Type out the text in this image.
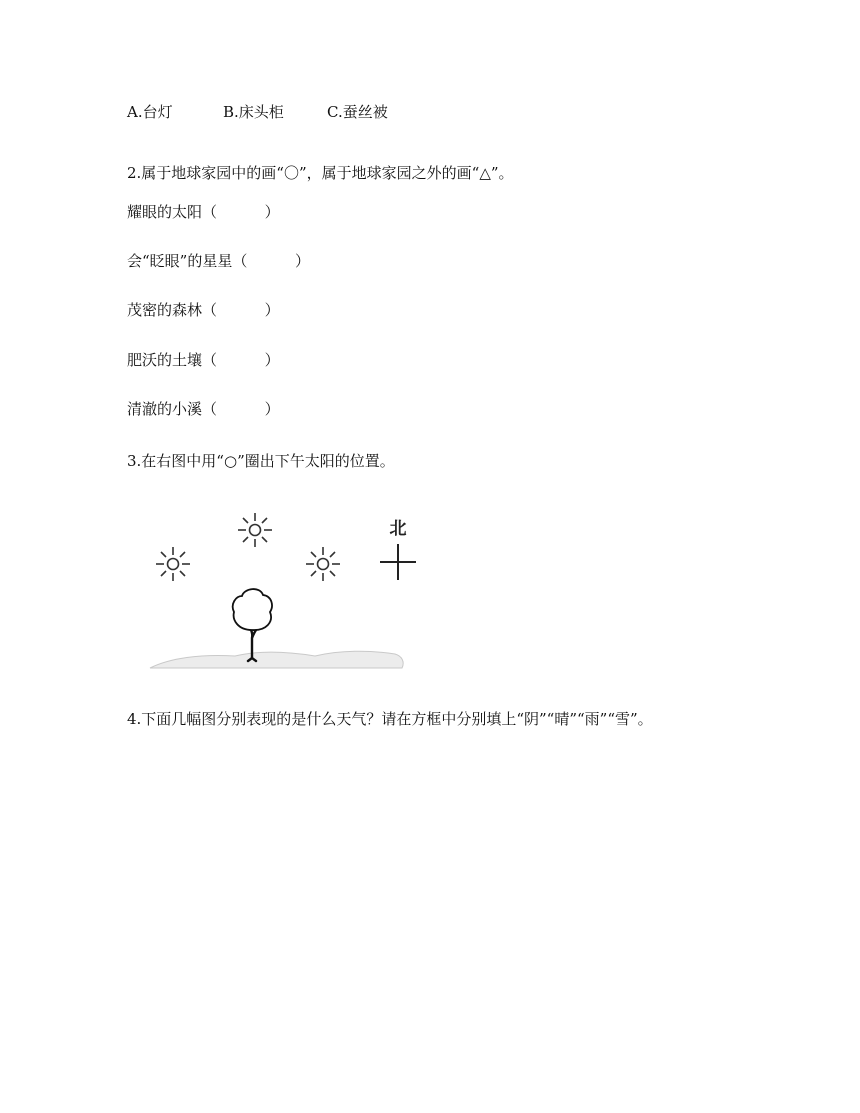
A.台灯	B.床头柜	C.蚕丝被
2.属于地球家园中的画“〇”，属于地球家园之外的画“△”。
耀眼的太阳（          ）
会“眨眼”的星星（          ）
茂密的森林（          ）
肥沃的土壤（          ）
清澈的小溪（          ）
3.在右图中用“○”圈出下午太阳的位置。
北
4.下面几幅图分别表现的是什么天气？请在方框中分别填上“阴”“晴”“雨”“雪”。
